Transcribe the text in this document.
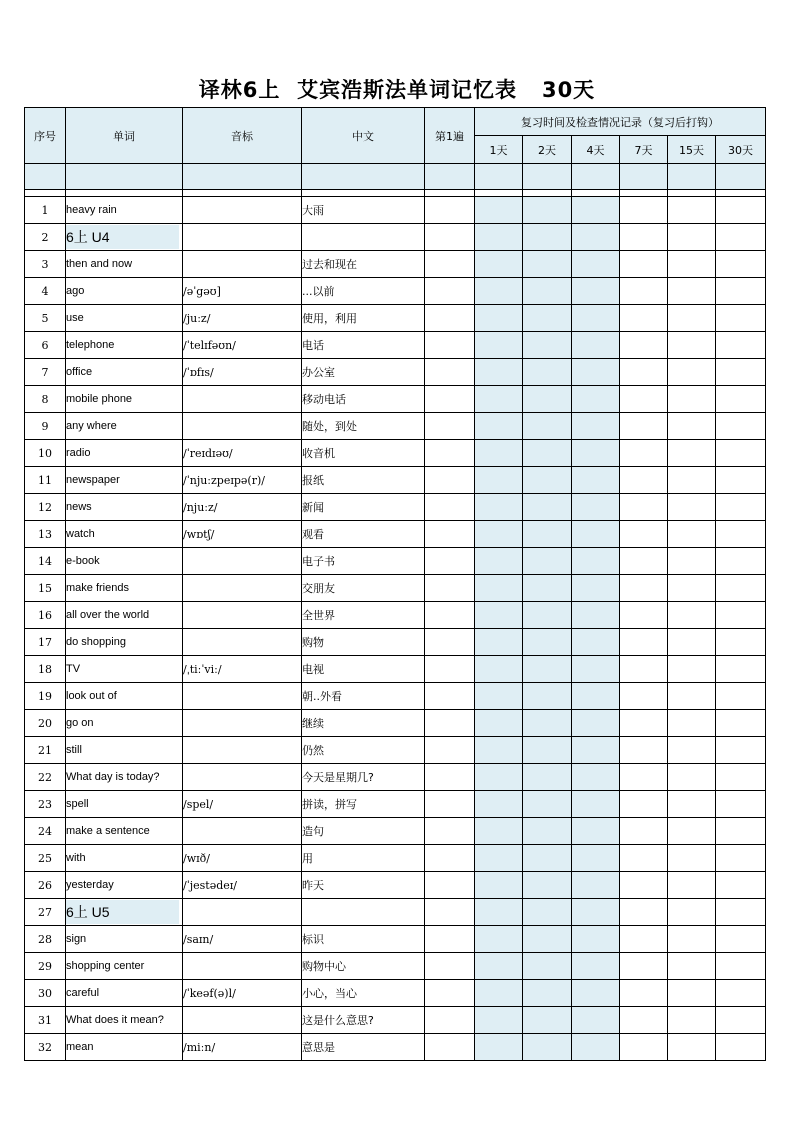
译林6上  艾宾浩斯法单词记忆表   30天
序号	单词	音标	中文	第1遍	复习时间及检查情况记录（复习后打钩）					
					1天	2天	4天	7天	15天	30天

1	heavy rain		大雨							
2	6上 U4									
3	then and now		过去和现在							
4	ago	/əˈgəʊ]	...以前							
5	use	/juːz/	使用，利用							
6	telephone	/ˈtelɪfəʊn/	电话							
7	office	/ˈɒfɪs/	办公室							
8	mobile phone		移动电话							
9	any where		随处，到处							
10	radio	/ˈreɪdɪəʊ/	收音机							
11	newspaper	/ˈnjuːzpeɪpə(r)/	报纸							
12	news	/njuːz/	新闻							
13	watch	/wɒtʃ/	观看							
14	e-book		电子书							
15	make friends		交朋友							
16	all over the world		全世界							
17	do shopping		购物							
18	TV	/ˌtiːˈviː/	电视							
19	look out of		朝..外看							
20	go on		继续							
21	still		仍然							
22	What day is today?		今天是星期几?							
23	spell	/spel/	拼读，拼写							
24	make a sentence		造句							
25	with	/wɪð/	用							
26	yesterday	/ˈjestədeɪ/	昨天							
27	6上 U5									
28	sign	/saɪn/	标识							
29	shopping center		购物中心							
30	careful	/ˈkeəf(ə)l/	小心，当心							
31	What does it mean?		这是什么意思?							
32	mean	/miːn/	意思是							
